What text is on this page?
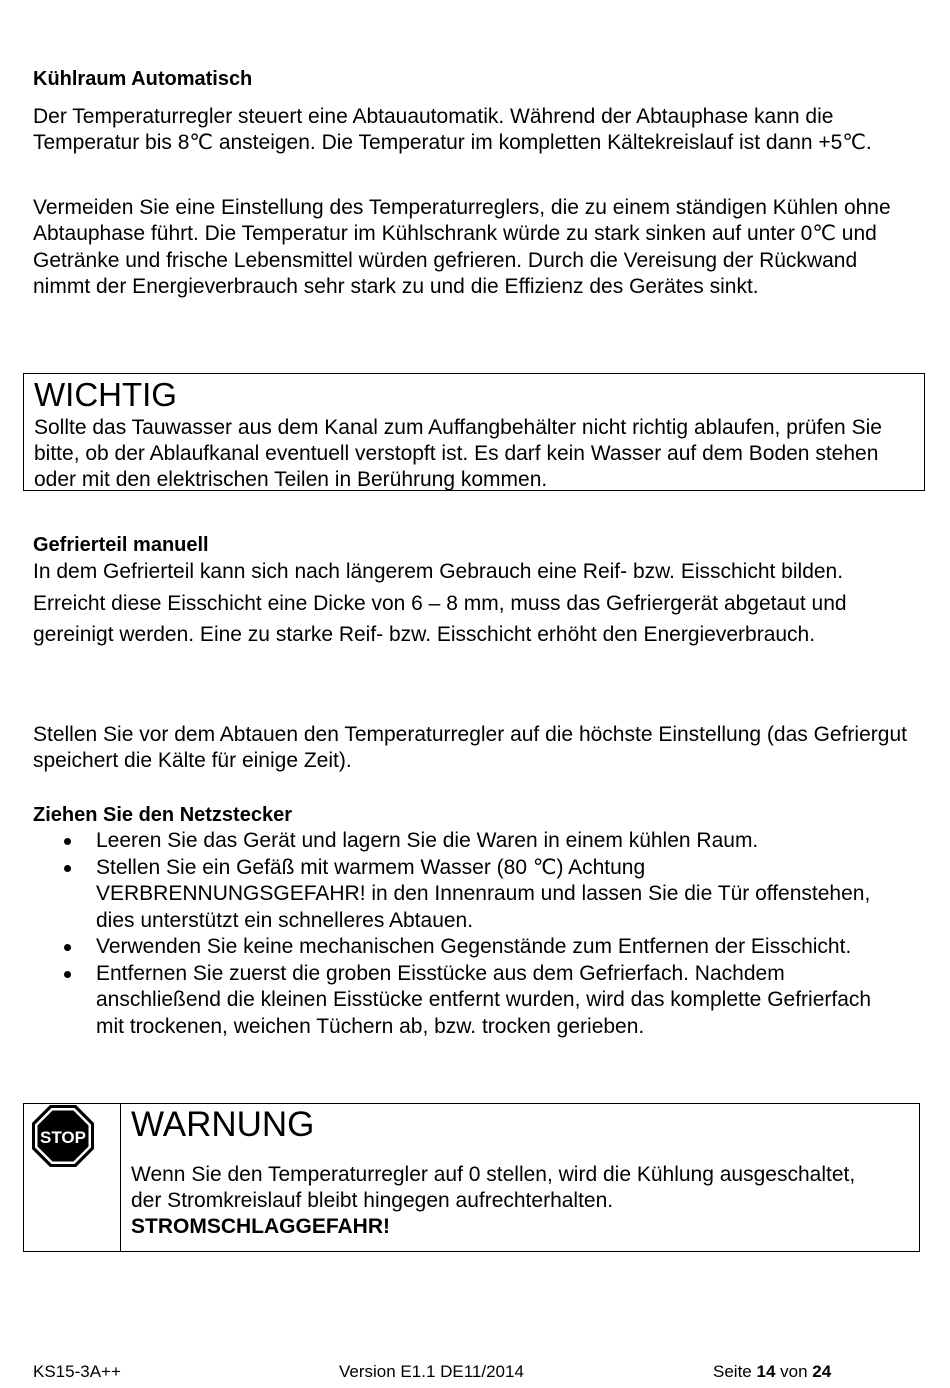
Kühlraum Automatisch
Der Temperaturregler steuert eine Abtauautomatik. Während der Abtauphase kann die Temperatur bis 8℃ ansteigen. Die Temperatur im kompletten Kältekreislauf ist dann +5℃.
Vermeiden Sie eine Einstellung des Temperaturreglers, die zu einem ständigen Kühlen ohne Abtauphase führt. Die Temperatur im Kühlschrank würde zu stark sinken auf unter 0℃ und Getränke und frische Lebensmittel würden gefrieren. Durch die Vereisung der Rückwand nimmt der Energieverbrauch sehr stark zu und die Effizienz des Gerätes sinkt.
WICHTIG
Sollte das Tauwasser aus dem Kanal zum Auffangbehälter nicht richtig ablaufen, prüfen Sie bitte, ob der Ablaufkanal eventuell verstopft ist. Es darf kein Wasser auf dem Boden stehen oder mit den elektrischen Teilen in Berührung kommen.
Gefrierteil manuell
In dem Gefrierteil kann sich nach längerem Gebrauch eine Reif- bzw. Eisschicht bilden. Erreicht diese Eisschicht eine Dicke von 6 – 8 mm, muss das Gefriergerät abgetaut und gereinigt werden. Eine zu starke Reif- bzw. Eisschicht erhöht den Energieverbrauch.
Stellen Sie vor dem Abtauen den Temperaturregler auf die höchste Einstellung (das Gefriergut speichert die Kälte für einige Zeit).
Ziehen Sie den Netzstecker
Leeren Sie das Gerät und lagern Sie die Waren in einem kühlen Raum.
Stellen Sie ein Gefäß mit warmem Wasser (80 ℃) Achtung VERBRENNUNGSGEFAHR! in den Innenraum und lassen Sie die Tür offenstehen, dies unterstützt ein schnelleres Abtauen.
Verwenden Sie keine mechanischen Gegenstände zum Entfernen der Eisschicht.
Entfernen Sie zuerst die groben Eisstücke aus dem Gefrierfach. Nachdem anschließend die kleinen Eisstücke entfernt wurden, wird das komplette Gefrierfach mit trockenen, weichen Tüchern ab, bzw. trocken gerieben.
STOP WARNUNG
Wenn Sie den Temperaturregler auf 0 stellen, wird die Kühlung ausgeschaltet, der Stromkreislauf bleibt hingegen aufrechterhalten.
STROMSCHLAGGEFAHR!
KS15-3A++	Version E1.1 DE11/2014	Seite 14 von 24
